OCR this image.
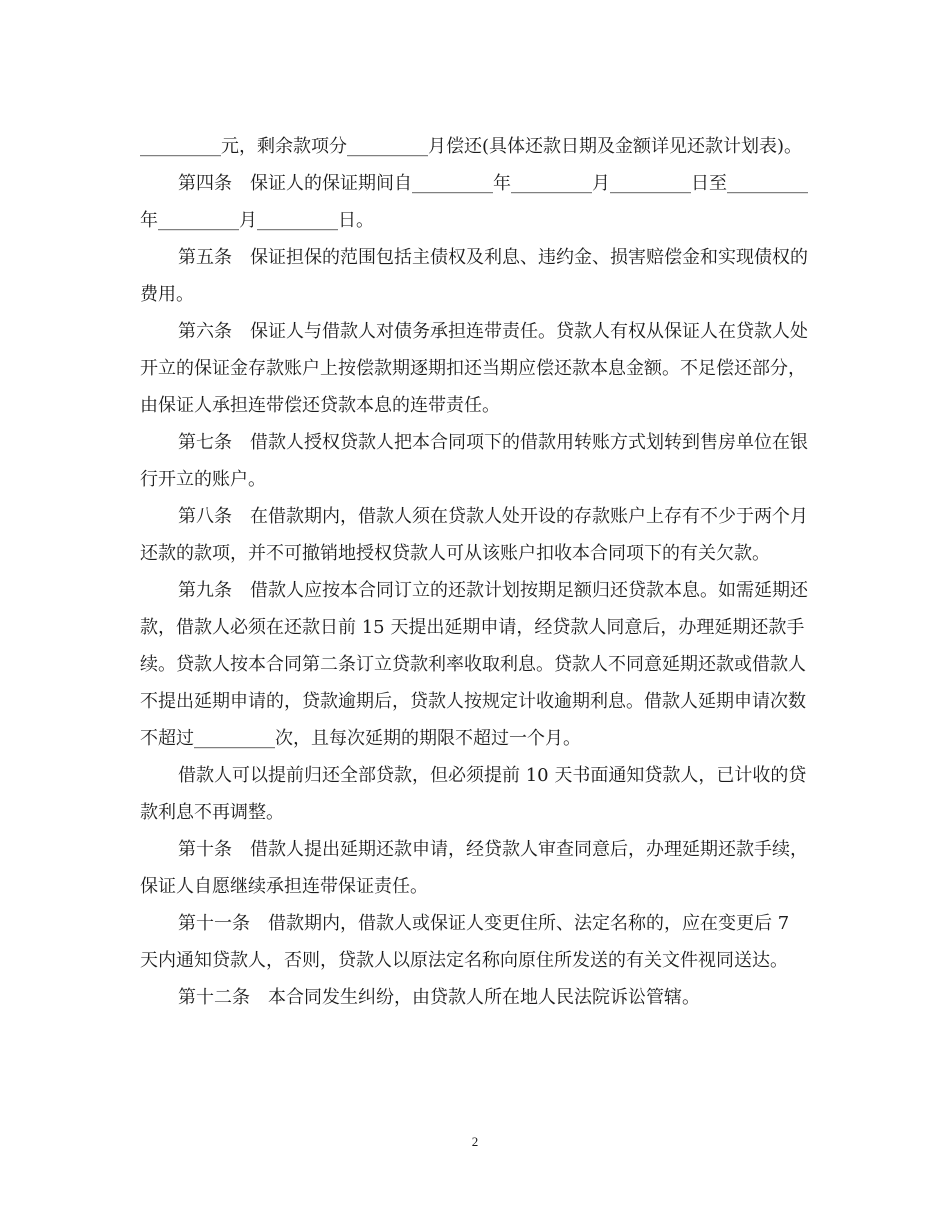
_________元，剩余款项分_________月偿还(具体还款日期及金额详见还款计划表)。

第四条　保证人的保证期间自_________年_________月_________日至_________年_________月_________日。

第五条　保证担保的范围包括主债权及利息、违约金、损害赔偿金和实现债权的费用。

第六条　保证人与借款人对债务承担连带责任。贷款人有权从保证人在贷款人处开立的保证金存款账户上按偿款期逐期扣还当期应偿还款本息金额。不足偿还部分，由保证人承担连带偿还贷款本息的连带责任。

第七条　借款人授权贷款人把本合同项下的借款用转账方式划转到售房单位在银行开立的账户。

第八条　在借款期内，借款人须在贷款人处开设的存款账户上存有不少于两个月还款的款项，并不可撤销地授权贷款人可从该账户扣收本合同项下的有关欠款。

第九条　借款人应按本合同订立的还款计划按期足额归还贷款本息。如需延期还款，借款人必须在还款日前 15 天提出延期申请，经贷款人同意后，办理延期还款手续。贷款人按本合同第二条订立贷款利率收取利息。贷款人不同意延期还款或借款人不提出延期申请的，贷款逾期后，贷款人按规定计收逾期利息。借款人延期申请次数不超过_________次，且每次延期的期限不超过一个月。

借款人可以提前归还全部贷款，但必须提前 10 天书面通知贷款人，已计收的贷款利息不再调整。

第十条　借款人提出延期还款申请，经贷款人审查同意后，办理延期还款手续，保证人自愿继续承担连带保证责任。

第十一条　借款期内，借款人或保证人变更住所、法定名称的，应在变更后 7 天内通知贷款人，否则，贷款人以原法定名称向原住所发送的有关文件视同送达。

第十二条　本合同发生纠纷，由贷款人所在地人民法院诉讼管辖。

2
